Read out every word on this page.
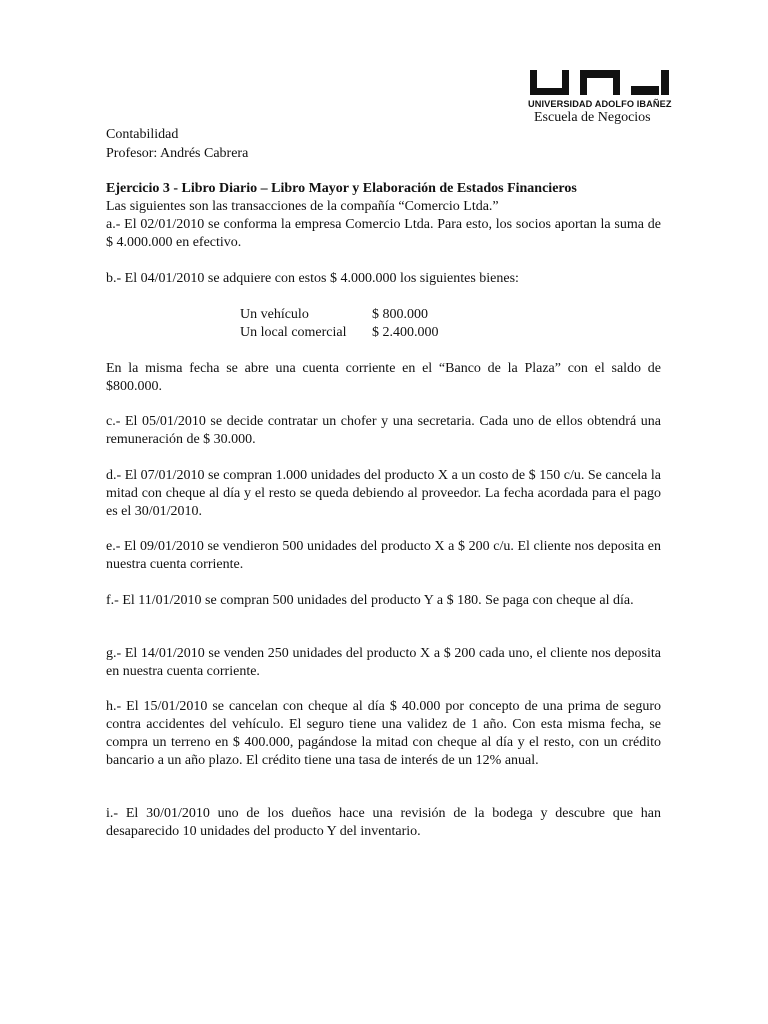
UNIVERSIDAD ADOLFO IBAÑEZ
Escuela de Negocios
Contabilidad
Profesor: Andrés Cabrera
Ejercicio 3 - Libro Diario – Libro Mayor y Elaboración de Estados Financieros
Las siguientes son las transacciones de la compañía “Comercio Ltda.”
a.- El 02/01/2010 se conforma la empresa Comercio Ltda. Para esto, los socios aportan la suma de $ 4.000.000 en efectivo.
b.- El 04/01/2010 se adquiere con estos $ 4.000.000 los siguientes bienes:
Un vehículo	$ 800.000
Un local comercial	$ 2.400.000
En la misma fecha se abre una cuenta corriente en el “Banco de la Plaza” con el saldo de $800.000.
c.- El 05/01/2010 se decide contratar un chofer y una secretaria. Cada uno de ellos obtendrá una remuneración de $ 30.000.
d.- El 07/01/2010 se compran 1.000 unidades del producto X a un costo de $ 150 c/u. Se cancela la mitad con cheque al día y el resto se queda debiendo al proveedor. La fecha acordada para el pago es el 30/01/2010.
e.- El 09/01/2010 se vendieron 500 unidades del producto X a $ 200 c/u. El cliente nos deposita en nuestra cuenta corriente.
f.- El 11/01/2010 se compran 500 unidades del producto Y a $ 180. Se paga con cheque al día.
g.- El 14/01/2010 se venden 250 unidades del producto X a $ 200 cada uno, el cliente nos deposita en nuestra cuenta corriente.
h.- El 15/01/2010 se cancelan con cheque al día $ 40.000 por concepto de una prima de seguro contra accidentes del vehículo. El seguro tiene una validez de 1 año. Con esta misma fecha, se compra un terreno en $ 400.000, pagándose la mitad con cheque al día y el resto, con un crédito bancario a un año plazo. El crédito tiene una tasa de interés de un 12% anual.
i.- El 30/01/2010 uno de los dueños hace una revisión de la bodega y descubre que han desaparecido 10 unidades del producto Y del inventario.
